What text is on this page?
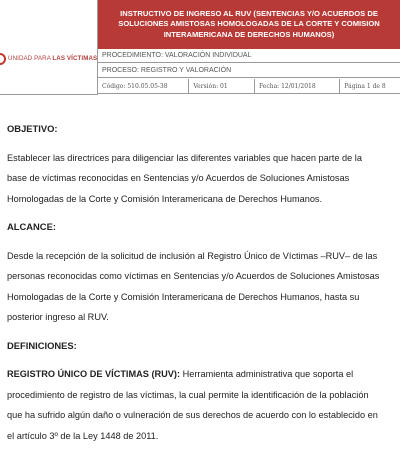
UNIDAD PARA LAS VÍCTIMAS
INSTRUCTIVO DE INGRESO AL RUV (SENTENCIAS Y/O ACUERDOS DE
SOLUCIONES AMISTOSAS HOMOLOGADAS DE LA CORTE Y COMISION
INTERAMERICANA DE DERECHOS HUMANOS)
PROCEDIMIENTO: VALORACIÓN INDIVIDUAL
PROCESO: REGISTRO Y VALORACIÓN
Código: 510.05.05-38	Versión: 01	Fecha: 12/01/2018	Página 1 de 8

OBJETIVO:

Establecer las directrices para diligenciar las diferentes variables que hacen parte de la

base de víctimas reconocidas en Sentencias y/o Acuerdos de Soluciones Amistosas

Homologadas de la Corte y Comisión Interamericana de Derechos Humanos.

ALCANCE:

Desde la recepción de la solicitud de inclusión al Registro Único de Víctimas –RUV– de las

personas reconocidas como víctimas en Sentencias y/o Acuerdos de Soluciones Amistosas

Homologadas de la Corte y Comisión Interamericana de Derechos Humanos, hasta su

posterior ingreso al RUV.

DEFINICIONES:

REGISTRO ÚNICO DE VÍCTIMAS (RUV): Herramienta administrativa que soporta el

procedimiento de registro de las víctimas, la cual permite la identificación de la población

que ha sufrido algún daño o vulneración de sus derechos de acuerdo con lo establecido en

el artículo 3º de la Ley 1448 de 2011.
